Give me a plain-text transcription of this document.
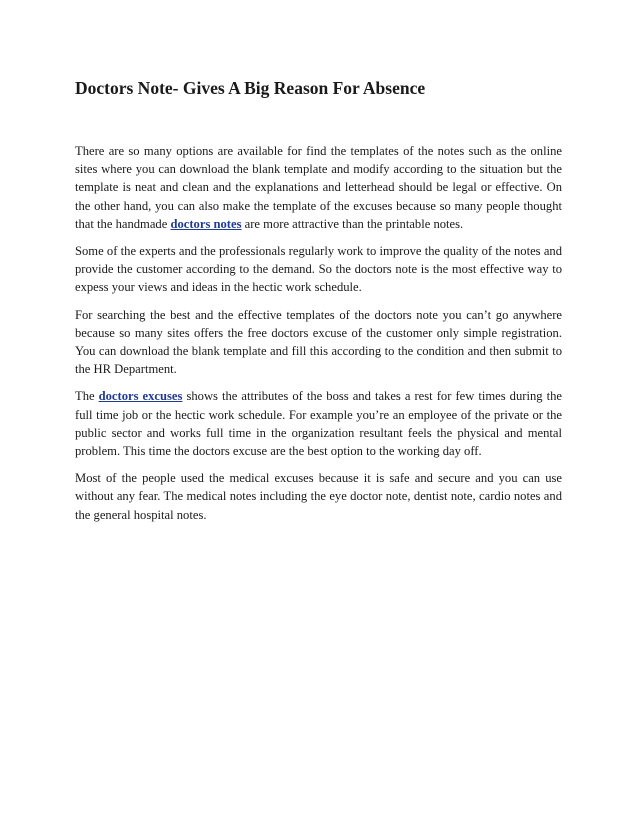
Doctors Note- Gives A Big Reason For Absence

There are so many options are available for find the templates of the notes such as the online sites where you can download the blank template and modify according to the situation but the template is neat and clean and the explanations and letterhead should be legal or effective. On the other hand, you can also make the template of the excuses because so many people thought that the handmade doctors notes are more attractive than the printable notes.

Some of the experts and the professionals regularly work to improve the quality of the notes and provide the customer according to the demand. So the doctors note is the most effective way to expess your views and ideas in the hectic work schedule.

For searching the best and the effective templates of the doctors note you can’t go anywhere because so many sites offers the free doctors excuse of the customer only simple registration. You can download the blank template and fill this according to the condition and then submit to the HR Department.

The doctors excuses shows the attributes of the boss and takes a rest for few times during the full time job or the hectic work schedule. For example you’re an employee of the private or the public sector and works full time in the organization resultant feels the physical and mental problem. This time the doctors excuse are the best option to the working day off.

Most of the people used the medical excuses because it is safe and secure and you can use without any fear. The medical notes including the eye doctor note, dentist note, cardio notes and the general hospital notes.
